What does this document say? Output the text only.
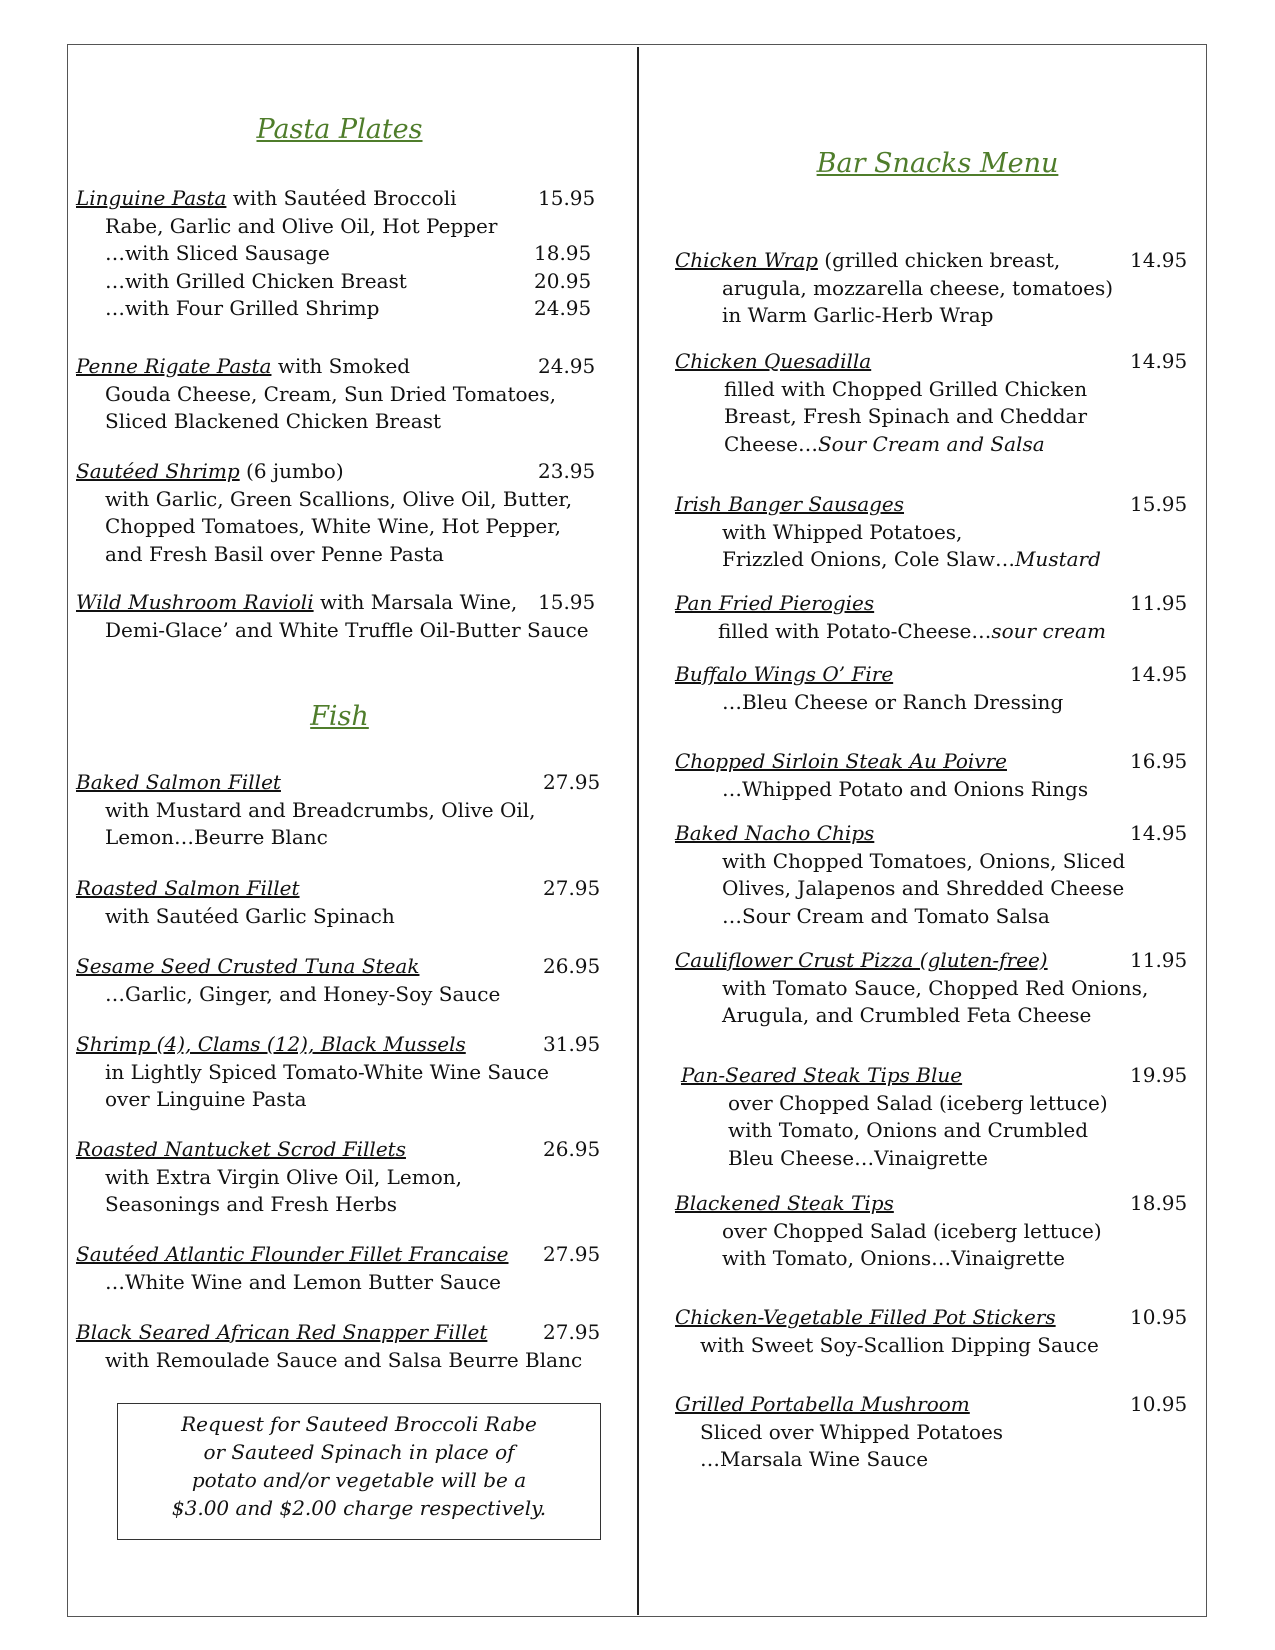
Pasta Plates
Fish
Bar Snacks Menu
Linguine Pasta with Sautéed Broccoli	15.95
Rabe, Garlic and Olive Oil, Hot Pepper
…with Sliced Sausage	18.95
…with Grilled Chicken Breast	20.95
…with Four Grilled Shrimp	24.95
Penne Rigate Pasta with Smoked	24.95
Gouda Cheese, Cream, Sun Dried Tomatoes,
Sliced Blackened Chicken Breast
Sautéed Shrimp (6 jumbo)	23.95
with Garlic, Green Scallions, Olive Oil, Butter,
Chopped Tomatoes, White Wine, Hot Pepper,
and Fresh Basil over Penne Pasta
Wild Mushroom Ravioli with Marsala Wine, 15.95
Demi-Glace’ and White Truffle Oil-Butter Sauce
Baked Salmon Fillet	27.95
with Mustard and Breadcrumbs, Olive Oil,
Lemon…Beurre Blanc
Roasted Salmon Fillet	27.95
with Sautéed Garlic Spinach
Sesame Seed Crusted Tuna Steak	26.95
…Garlic, Ginger, and Honey-Soy Sauce
Shrimp (4), Clams (12), Black Mussels	31.95
in Lightly Spiced Tomato-White Wine Sauce
over Linguine Pasta
Roasted Nantucket Scrod Fillets	26.95
with Extra Virgin Olive Oil, Lemon,
Seasonings and Fresh Herbs
Sautéed Atlantic Flounder Fillet Francaise 27.95
…White Wine and Lemon Butter Sauce
Black Seared African Red Snapper Fillet	27.95
with Remoulade Sauce and Salsa Beurre Blanc
Chicken Wrap (grilled chicken breast,	14.95
arugula, mozzarella cheese, tomatoes)
in Warm Garlic-Herb Wrap
Chicken Quesadilla	14.95
filled with Chopped Grilled Chicken
Breast, Fresh Spinach and Cheddar
Cheese…Sour Cream and Salsa
Irish Banger Sausages	15.95
with Whipped Potatoes,
Frizzled Onions, Cole Slaw…Mustard
Pan Fried Pierogies	11.95
filled with Potato-Cheese…sour cream
Buffalo Wings O’ Fire	14.95
…Bleu Cheese or Ranch Dressing
Chopped Sirloin Steak Au Poivre	16.95
…Whipped Potato and Onions Rings
Baked Nacho Chips	14.95
with Chopped Tomatoes, Onions, Sliced
Olives, Jalapenos and Shredded Cheese
…Sour Cream and Tomato Salsa
Cauliflower Crust Pizza (gluten-free)	11.95
with Tomato Sauce, Chopped Red Onions,
Arugula, and Crumbled Feta Cheese
Pan-Seared Steak Tips Blue	19.95
over Chopped Salad (iceberg lettuce)
with Tomato, Onions and Crumbled
Bleu Cheese…Vinaigrette
Blackened Steak Tips	18.95
over Chopped Salad (iceberg lettuce)
with Tomato, Onions…Vinaigrette
Chicken-Vegetable Filled Pot Stickers	10.95
with Sweet Soy-Scallion Dipping Sauce
Grilled Portabella Mushroom	10.95
Sliced over Whipped Potatoes
…Marsala Wine Sauce
Request for Sauteed Broccoli Rabe
or Sauteed Spinach in place of
potato and/or vegetable will be a
$3.00 and $2.00 charge respectively.
